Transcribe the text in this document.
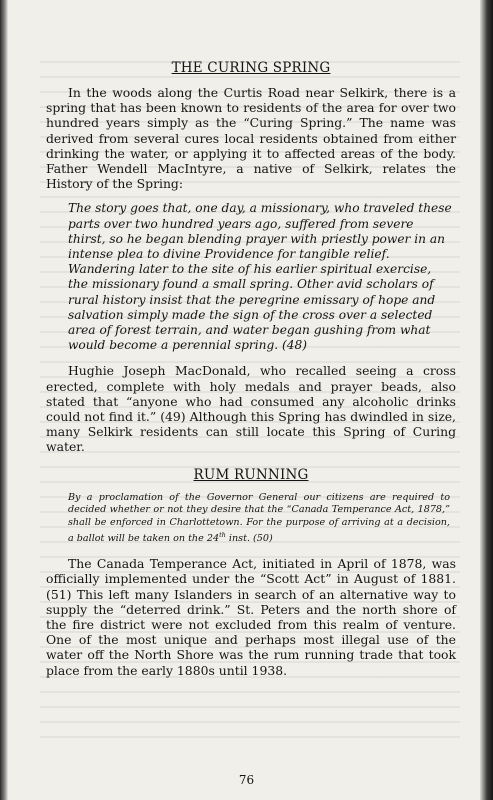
THE CURING SPRING

In the woods along the Curtis Road near Selkirk, there is a spring that has been known to residents of the area for over two hundred years simply as the “Curing Spring.” The name was derived from several cures local residents obtained from either drinking the water, or applying it to affected areas of the body. Father Wendell MacIntyre, a native of Selkirk, relates the History of the Spring:

The story goes that, one day, a missionary, who traveled these parts over two hundred years ago, suffered from severe thirst, so he began blending prayer with priestly power in an intense plea to divine Providence for tangible relief. Wandering later to the site of his earlier spiritual exercise, the missionary found a small spring. Other avid scholars of rural history insist that the peregrine emissary of hope and salvation simply made the sign of the cross over a selected area of forest terrain, and water began gushing from what would become a perennial spring. (48)

Hughie Joseph MacDonald, who recalled seeing a cross erected, complete with holy medals and prayer beads, also stated that “anyone who had consumed any alcoholic drinks could not find it.” (49) Although this Spring has dwindled in size, many Selkirk residents can still locate this Spring of Curing water.

RUM RUNNING

By a proclamation of the Governor General our citizens are required to decided whether or not they desire that the “Canada Temperance Act, 1878,” shall be enforced in Charlottetown. For the purpose of arriving at a decision, a ballot will be taken on the 24th inst. (50)

The Canada Temperance Act, initiated in April of 1878, was officially implemented under the “Scott Act” in August of 1881. (51) This left many Islanders in search of an alternative way to supply the “deterred drink.” St. Peters and the north shore of the fire district were not excluded from this realm of venture. One of the most unique and perhaps most illegal use of the water off the North Shore was the rum running trade that took place from the early 1880s until 1938.

76
